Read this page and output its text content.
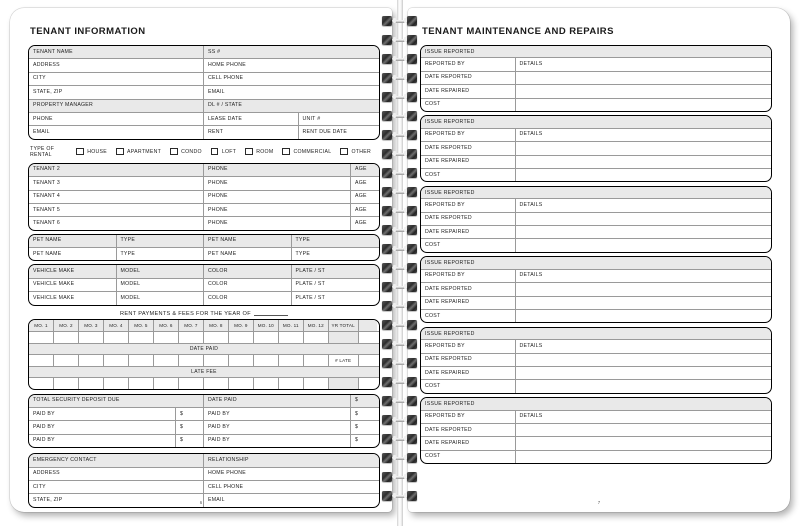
TENANT INFORMATION
TENANT NAME	SS #
ADDRESS	HOME PHONE
CITY	CELL PHONE
STATE, ZIP	EMAIL
PROPERTY MANAGER	DL # / STATE
PHONE	LEASE DATE	UNIT #
EMAIL	RENT	RENT DUE DATE
TYPE OF RENTAL	HOUSE	APARTMENT	CONDO	LOFT	ROOM	COMMERCIAL	OTHER
TENANT 2	PHONE	AGE
TENANT 3	PHONE	AGE
TENANT 4	PHONE	AGE
TENANT 5	PHONE	AGE
TENANT 6	PHONE	AGE
PET NAME	TYPE	PET NAME	TYPE
PET NAME	TYPE	PET NAME	TYPE
VEHICLE MAKE	MODEL	COLOR	PLATE / ST
VEHICLE MAKE	MODEL	COLOR	PLATE / ST
VEHICLE MAKE	MODEL	COLOR	PLATE / ST
RENT PAYMENTS & FEES FOR THE YEAR OF
MO. 1	MO. 2	MO. 3	MO. 4	MO. 5	MO. 6	MO. 7	MO. 8	MO. 9	MO. 10	MO. 11	MO. 12	YR TOTAL
DATE PAID
# LATE
LATE FEE
TOTAL SECURITY DEPOSIT DUE	DATE PAID	$
PAID BY	$	PAID BY	$
PAID BY	$	PAID BY	$
PAID BY	$	PAID BY	$
EMERGENCY CONTACT	RELATIONSHIP
ADDRESS	HOME PHONE
CITY	CELL PHONE
STATE, ZIP	EMAIL
6
TENANT MAINTENANCE AND REPAIRS
ISSUE REPORTED
REPORTED BY	DETAILS
DATE REPORTED
DATE REPAIRED
COST
ISSUE REPORTED
REPORTED BY	DETAILS
DATE REPORTED
DATE REPAIRED
COST
ISSUE REPORTED
REPORTED BY	DETAILS
DATE REPORTED
DATE REPAIRED
COST
ISSUE REPORTED
REPORTED BY	DETAILS
DATE REPORTED
DATE REPAIRED
COST
ISSUE REPORTED
REPORTED BY	DETAILS
DATE REPORTED
DATE REPAIRED
COST
ISSUE REPORTED
REPORTED BY	DETAILS
DATE REPORTED
DATE REPAIRED
COST
7
